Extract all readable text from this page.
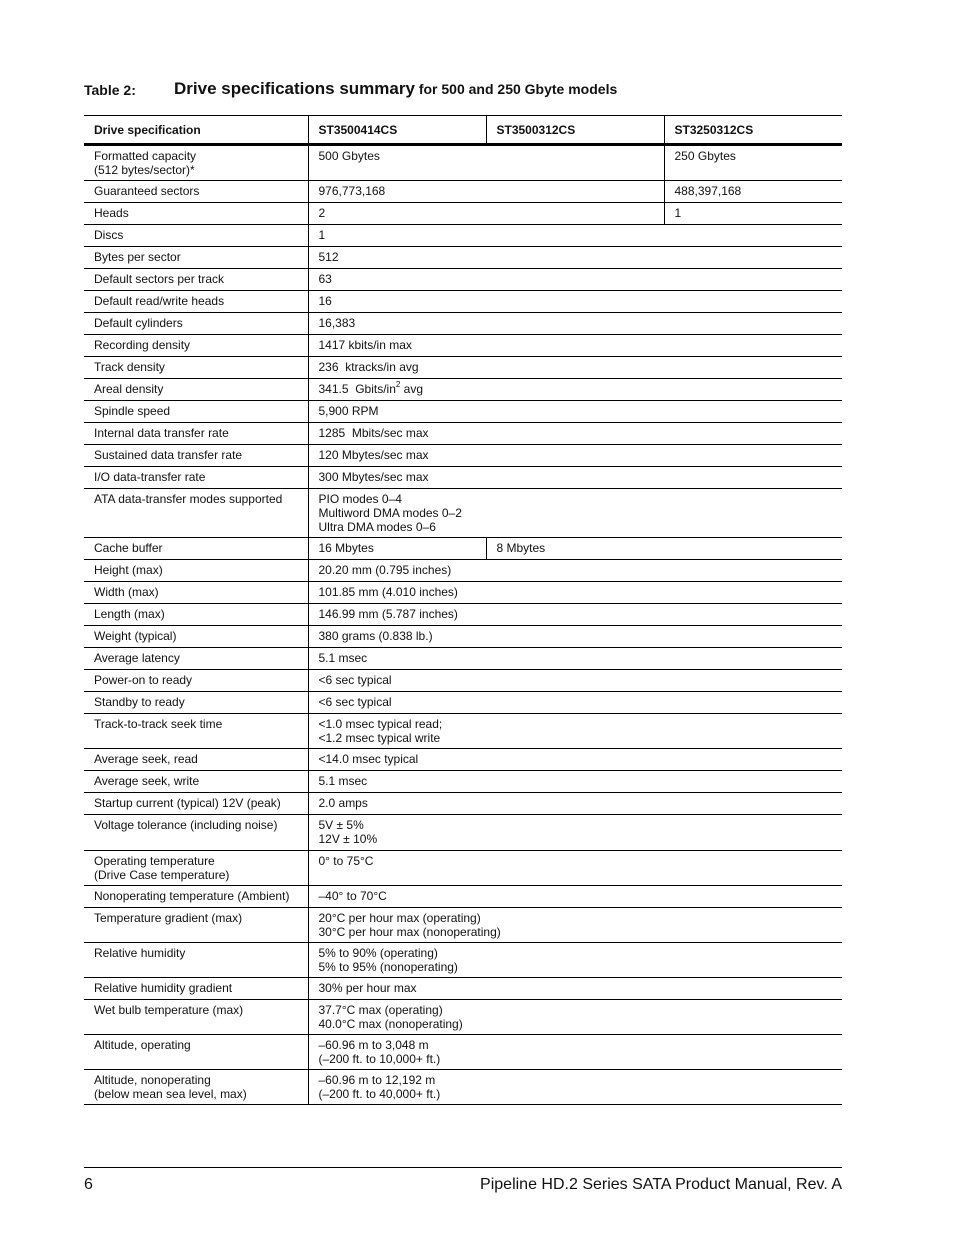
Table 2: Drive specifications summary for 500 and 250 Gbyte models
Drive specification	ST3500414CS	ST3500312CS	ST3250312CS
Formatted capacity
(512 bytes/sector)*	500 Gbytes		250 Gbytes
Guaranteed sectors	976,773,168		488,397,168
Heads	2		1
Discs	1		
Bytes per sector	512		
Default sectors per track	63		
Default read/write heads	16		
Default cylinders	16,383		
Recording density	1417 kbits/in max		
Track density	236  ktracks/in avg		
Areal density	341.5  Gbits/$in^2$ avg		
Spindle speed	5,900 RPM		
Internal data transfer rate	1285  Mbits/sec max		
Sustained data transfer rate	120 Mbytes/sec max		
I/O data-transfer rate	300 Mbytes/sec max		
ATA data-transfer modes supported	PIO modes 0–4
Multiword DMA modes 0–2
Ultra DMA modes 0–6		
Cache buffer	16 Mbytes	8 Mbytes	
Height (max)	20.20 mm (0.795 inches)		
Width (max)	101.85 mm (4.010 inches)		
Length (max)	146.99 mm (5.787 inches)		
Weight (typical)	380 grams (0.838 lb.)		
Average latency	5.1 msec		
Power-on to ready	<6 sec typical		
Standby to ready	<6 sec typical		
Track-to-track seek time	<1.0 msec typical read;
<1.2 msec typical write		
Average seek, read	<14.0 msec typical		
Average seek, write	5.1 msec		
Startup current (typical) 12V (peak)	2.0 amps		
Voltage tolerance (including noise)	5V ± 5%
12V ± 10%		
Operating temperature
(Drive Case temperature)	0° to 75°C		
Nonoperating temperature (Ambient)	–40° to 70°C		
Temperature gradient (max)	20°C per hour max (operating)
30°C per hour max (nonoperating)		
Relative humidity	5% to 90% (operating)
5% to 95% (nonoperating)		
Relative humidity gradient	30% per hour max		
Wet bulb temperature (max)	37.7°C max (operating)
40.0°C max (nonoperating)		
Altitude, operating	–60.96 m to 3,048 m
(–200 ft. to 10,000+ ft.)		
Altitude, nonoperating
(below mean sea level, max)	–60.96 m to 12,192 m
(–200 ft. to 40,000+ ft.)		
6	Pipeline HD.2 Series SATA Product Manual, Rev. A
